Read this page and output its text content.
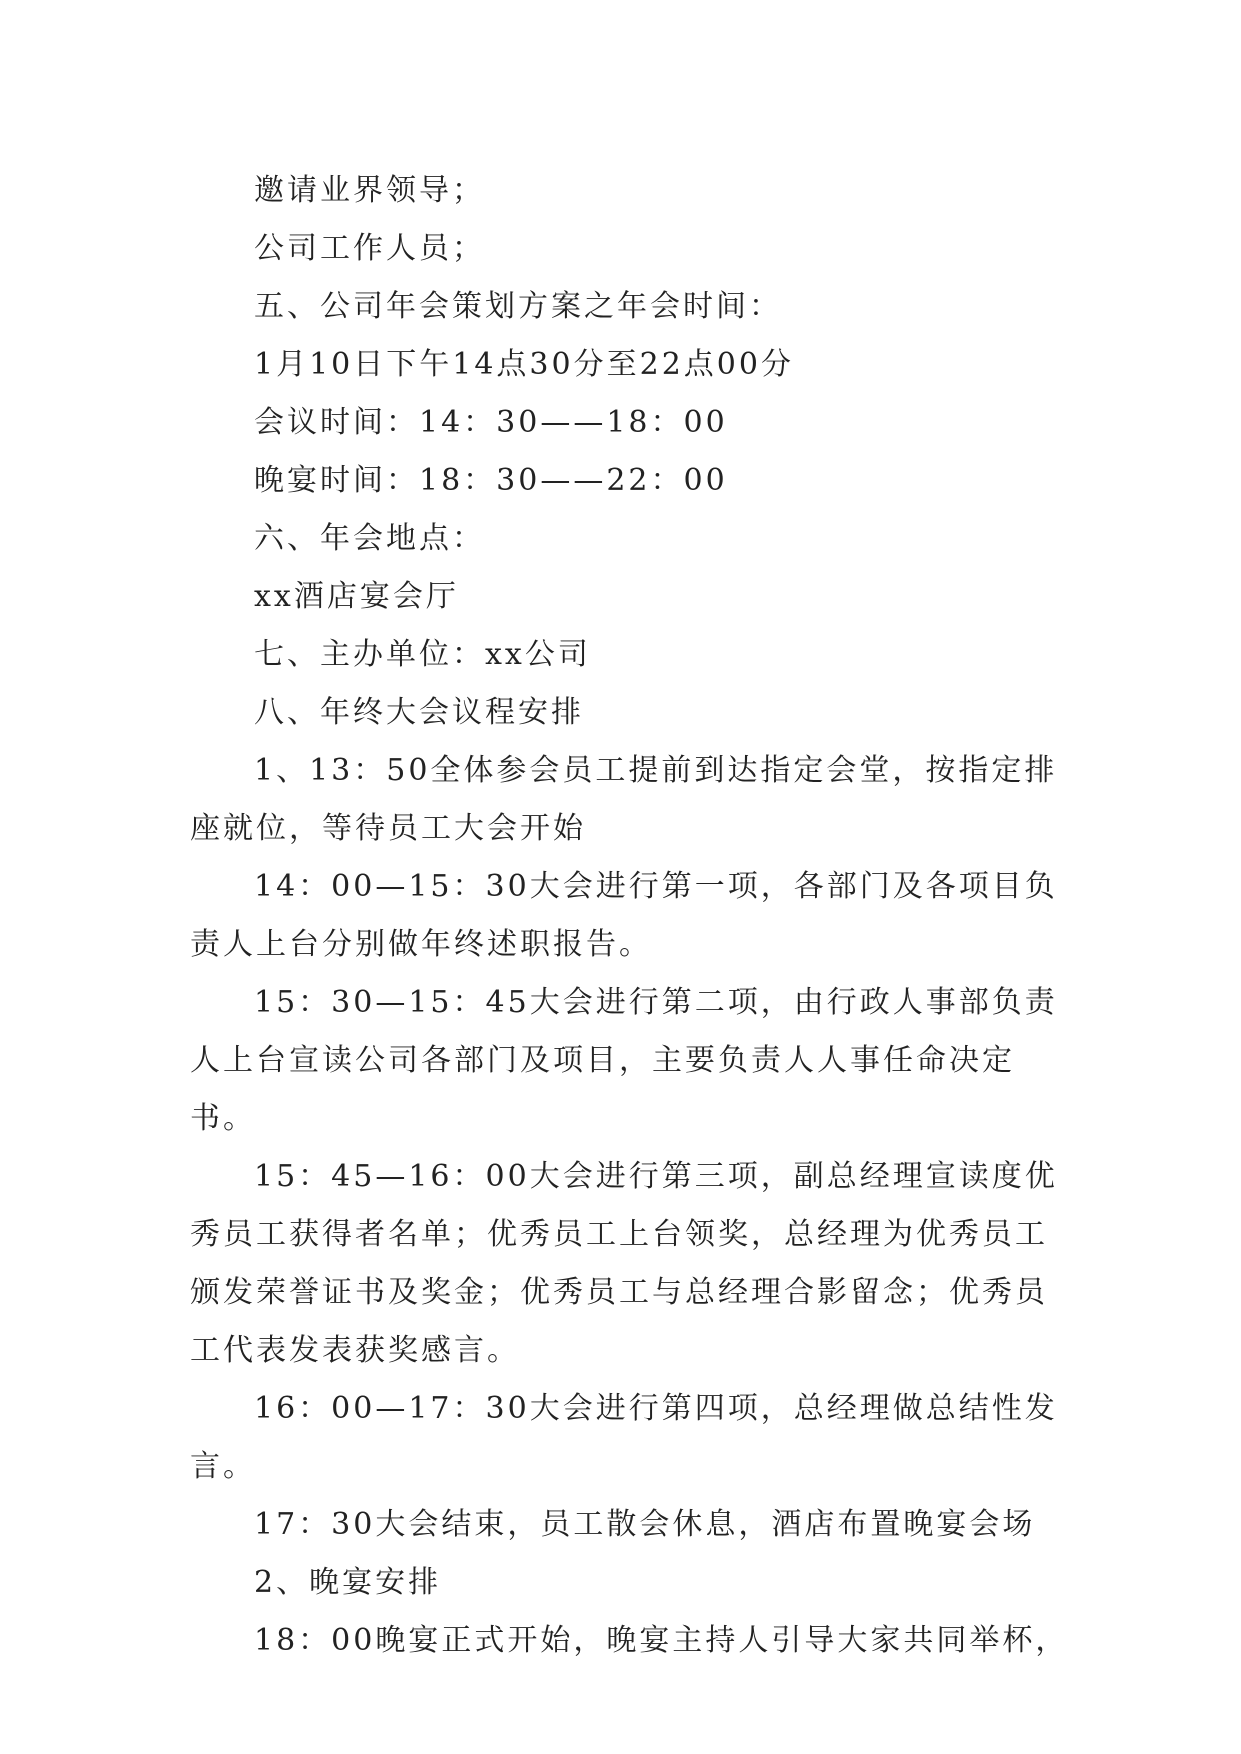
邀请业界领导；

公司工作人员；

五、公司年会策划方案之年会时间：

1月10日下午14点30分至22点00分

会议时间：14：30——18：00

晚宴时间：18：30——22：00

六、年会地点：

xx酒店宴会厅

七、主办单位：xx公司

八、年终大会议程安排

1、13：50全体参会员工提前到达指定会堂，按指定排座就位，等待员工大会开始

14：00—15：30大会进行第一项，各部门及各项目负责人上台分别做年终述职报告。

15：30—15：45大会进行第二项，由行政人事部负责人上台宣读公司各部门及项目，主要负责人人事任命决定书。

15：45—16：00大会进行第三项，副总经理宣读度优秀员工获得者名单；优秀员工上台领奖，总经理为优秀员工颁发荣誉证书及奖金；优秀员工与总经理合影留念；优秀员工代表发表获奖感言。

16：00—17：30大会进行第四项，总经理做总结性发言。

17：30大会结束，员工散会休息，酒店布置晚宴会场

2、晚宴安排

18：00晚宴正式开始，晚宴主持人引导大家共同举杯，
